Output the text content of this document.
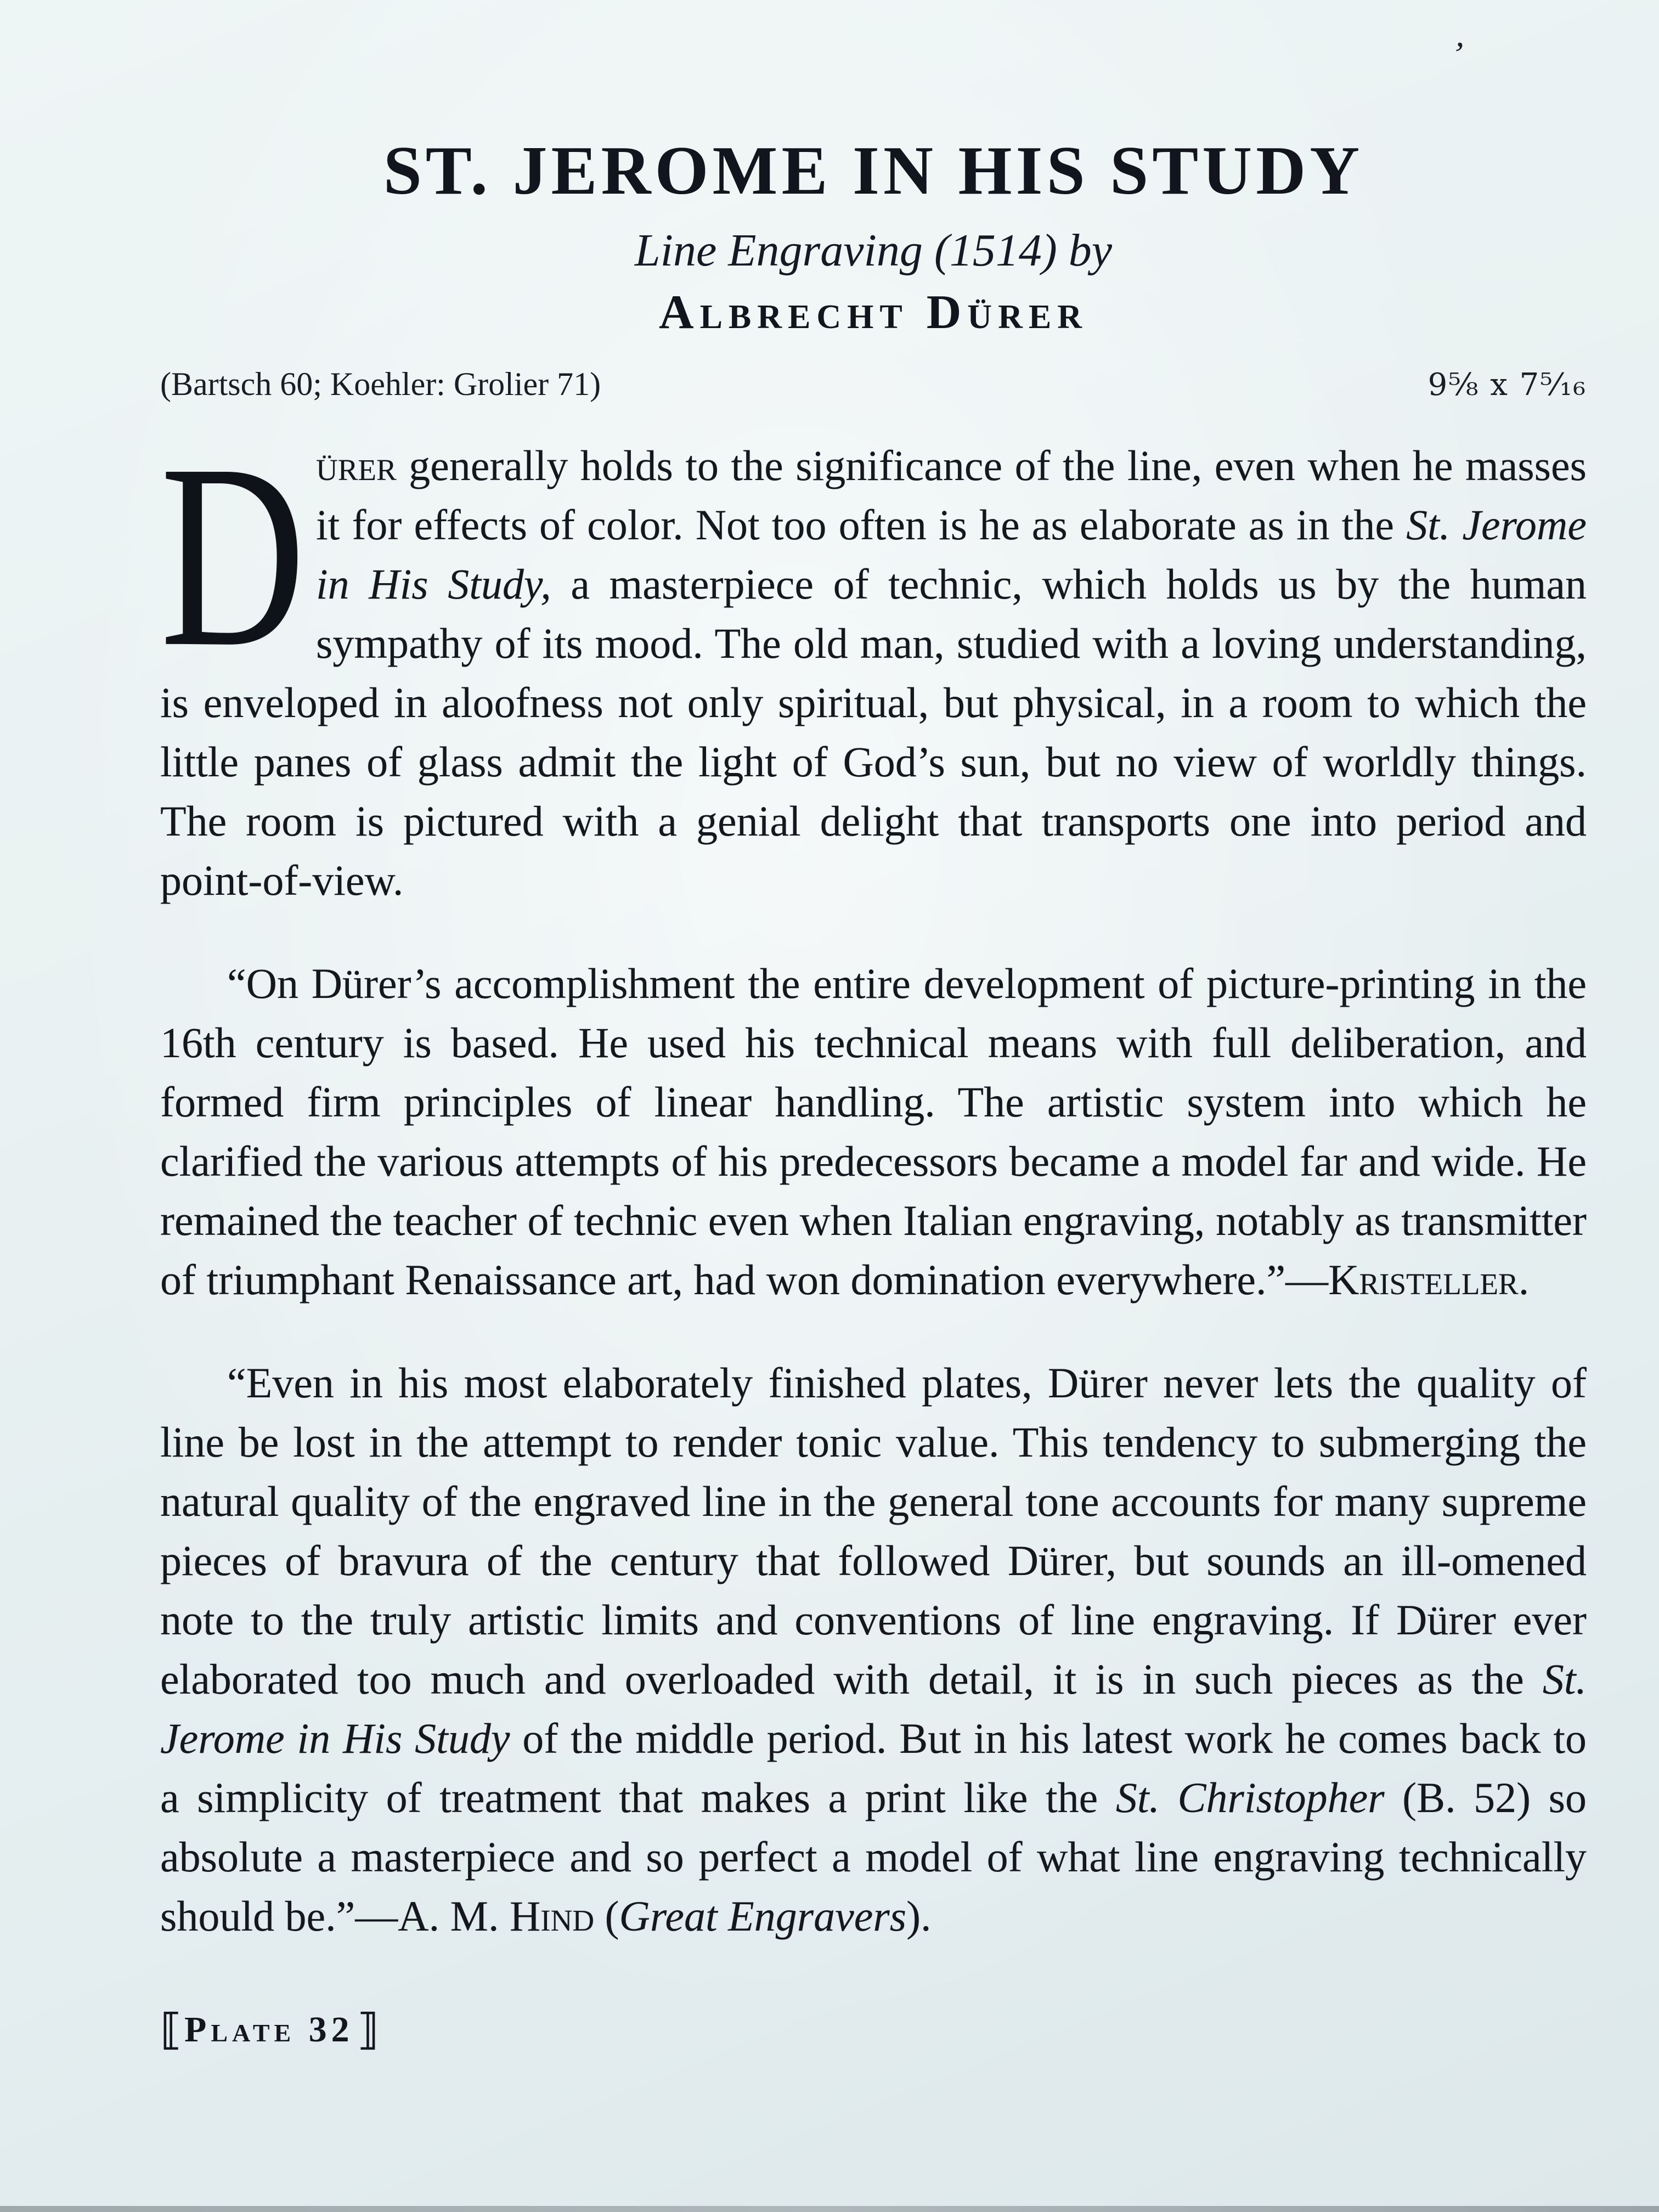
’
ST. JEROME IN HIS STUDY
Line Engraving (1514) by
Albrecht Dürer
(Bartsch 60; Koehler: Grolier 71)	9⅝ x 7⁵⁄₁₆

D ürer generally holds to the significance of the line, even when he masses it for effects of color. Not too often is he as elaborate as in the St. Jerome in His Study, a masterpiece of technic, which holds us by the human sympathy of its mood. The old man, studied with a loving understanding, is enveloped in aloofness not only spiritual, but physical, in a room to which the little panes of glass admit the light of God’s sun, but no view of worldly things. The room is pictured with a genial delight that transports one into period and point-of-view.

“On Dürer’s accomplishment the entire development of picture-printing in the 16th century is based. He used his technical means with full deliberation, and formed firm principles of linear handling. The artistic system into which he clarified the various attempts of his predecessors became a model far and wide. He remained the teacher of technic even when Italian engraving, notably as transmitter of triumphant Renaissance art, had won domination everywhere.”—Kristeller.

“Even in his most elaborately finished plates, Dürer never lets the quality of line be lost in the attempt to render tonic value. This tendency to submerging the natural quality of the engraved line in the general tone accounts for many supreme pieces of bravura of the century that followed Dürer, but sounds an ill-omened note to the truly artistic limits and conventions of line engraving. If Dürer ever elaborated too much and overloaded with detail, it is in such pieces as the St. Jerome in His Study of the middle period. But in his latest work he comes back to a simplicity of treatment that makes a print like the St. Christopher (B. 52) so absolute a masterpiece and so perfect a model of what line engraving technically should be.”—A. M. Hind (Great Engravers).

⟦ Plate 32 ⟧
